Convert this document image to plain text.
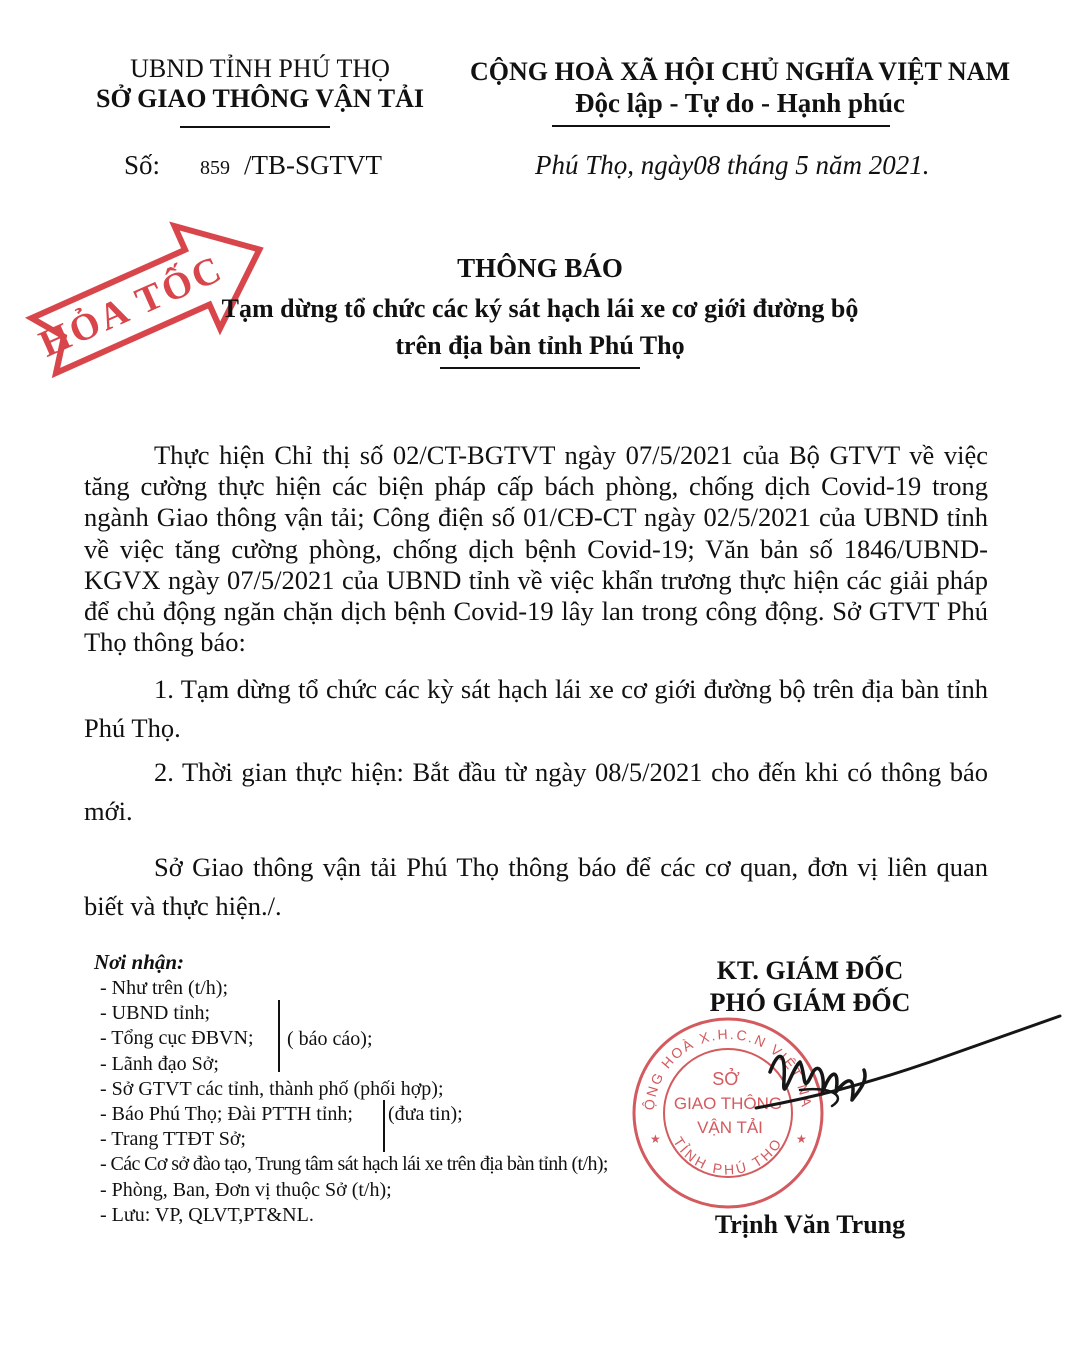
UBND TỈNH PHÚ THỌ
SỞ GIAO THÔNG VẬN TẢI
CỘNG HOÀ XÃ HỘI CHỦ NGHĨA VIỆT NAM
Độc lập - Tự do - Hạnh phúc
Số: 859 /TB-SGTVT	Phú Thọ, ngày08 tháng 5 năm 2021.
HỎA TỐC	THÔNG BÁO
Tạm dừng tổ chức các ký sát hạch lái xe cơ giới đường bộ
trên địa bàn tỉnh Phú Thọ
Thực hiện Chỉ thị số 02/CT-BGTVT ngày 07/5/2021 của Bộ GTVT về việc tăng cường thực hiện các biện pháp cấp bách phòng, chống dịch Covid-19 trong ngành Giao thông vận tải; Công điện số 01/CĐ-CT ngày 02/5/2021 của UBND tỉnh về việc tăng cường phòng, chống dịch bệnh Covid-19; Văn bản số 1846/UBND-KGVX ngày 07/5/2021 của UBND tỉnh về việc khẩn trương thực hiện các giải pháp để chủ động ngăn chặn dịch bệnh Covid-19 lây lan trong công động. Sở GTVT Phú Thọ thông báo:
1. Tạm dừng tổ chức các kỳ sát hạch lái xe cơ giới đường bộ trên địa bàn tỉnh Phú Thọ.
2. Thời gian thực hiện: Bắt đầu từ ngày 08/5/2021 cho đến khi có thông báo mới.
Sở Giao thông vận tải Phú Thọ thông báo để các cơ quan, đơn vị liên quan biết và thực hiện./.
Nơi nhận:
- Như trên (t/h);
- UBND tỉnh;
- Tổng cục ĐBVN;
- Lãnh đạo Sở;
- Sở GTVT các tỉnh, thành phố (phối hợp);
- Báo Phú Thọ; Đài PTTH tỉnh;
- Trang TTĐT Sở;
- Các Cơ sở đào tạo, Trung tâm sát hạch lái xe trên địa bàn tỉnh (t/h);
- Phòng, Ban, Đơn vị thuộc Sở (t/h);
- Lưu: VP, QLVT,PT&NL.
( báo cáo);
(đưa tin);
KT. GIÁM ĐỐC
PHÓ GIÁM ĐỐC
ỘNG HOÀ X.H.C.N VIỆT NA
TỈNH PHÚ THỌ
SỞ
GIAO THÔNG
VẬN TẢI
★	★
Trịnh Văn Trung
